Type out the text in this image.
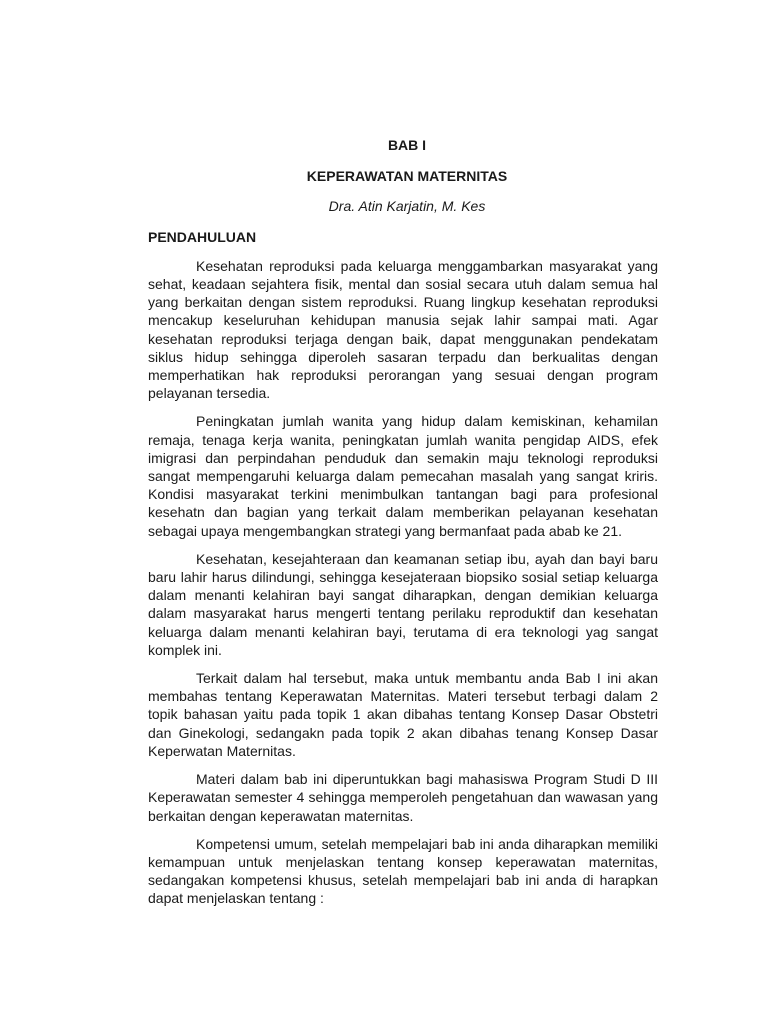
BAB I

KEPERAWATAN MATERNITAS

Dra. Atin Karjatin, M. Kes

PENDAHULUAN

Kesehatan reproduksi pada keluarga menggambarkan masyarakat yang sehat, keadaan sejahtera fisik, mental dan sosial secara utuh dalam semua hal yang berkaitan dengan sistem reproduksi. Ruang lingkup kesehatan reproduksi mencakup keseluruhan kehidupan manusia sejak lahir sampai mati. Agar kesehatan reproduksi terjaga dengan baik, dapat menggunakan pendekatam siklus hidup sehingga diperoleh sasaran terpadu dan berkualitas dengan memperhatikan hak reproduksi perorangan yang sesuai dengan program pelayanan tersedia.

Peningkatan jumlah wanita yang hidup dalam kemiskinan, kehamilan remaja, tenaga kerja wanita, peningkatan jumlah wanita pengidap AIDS, efek imigrasi dan perpindahan penduduk dan semakin maju teknologi reproduksi sangat mempengaruhi keluarga dalam pemecahan masalah yang sangat kriris. Kondisi masyarakat terkini menimbulkan tantangan bagi para profesional kesehatn dan bagian yang terkait dalam memberikan pelayanan kesehatan sebagai upaya mengembangkan strategi yang bermanfaat pada abab ke 21.

Kesehatan, kesejahteraan dan keamanan setiap ibu, ayah dan bayi baru baru lahir harus dilindungi, sehingga kesejateraan biopsiko sosial setiap keluarga dalam menanti kelahiran bayi sangat diharapkan, dengan demikian keluarga dalam masyarakat harus mengerti tentang perilaku reproduktif dan kesehatan keluarga dalam menanti kelahiran bayi, terutama di era teknologi yag sangat komplek ini.

Terkait dalam hal tersebut, maka untuk membantu anda Bab I ini akan membahas tentang Keperawatan Maternitas. Materi tersebut terbagi dalam 2 topik bahasan yaitu pada topik 1 akan dibahas tentang Konsep Dasar Obstetri dan Ginekologi, sedangakn pada topik 2 akan dibahas tenang Konsep Dasar Keperwatan Maternitas.

Materi dalam bab ini diperuntukkan bagi mahasiswa Program Studi D III Keperawatan semester 4 sehingga memperoleh pengetahuan dan wawasan yang berkaitan dengan keperawatan maternitas.

Kompetensi umum, setelah mempelajari bab ini anda diharapkan memiliki kemampuan untuk menjelaskan tentang konsep keperawatan maternitas, sedangakan kompetensi khusus, setelah mempelajari bab ini anda di harapkan dapat menjelaskan tentang :
